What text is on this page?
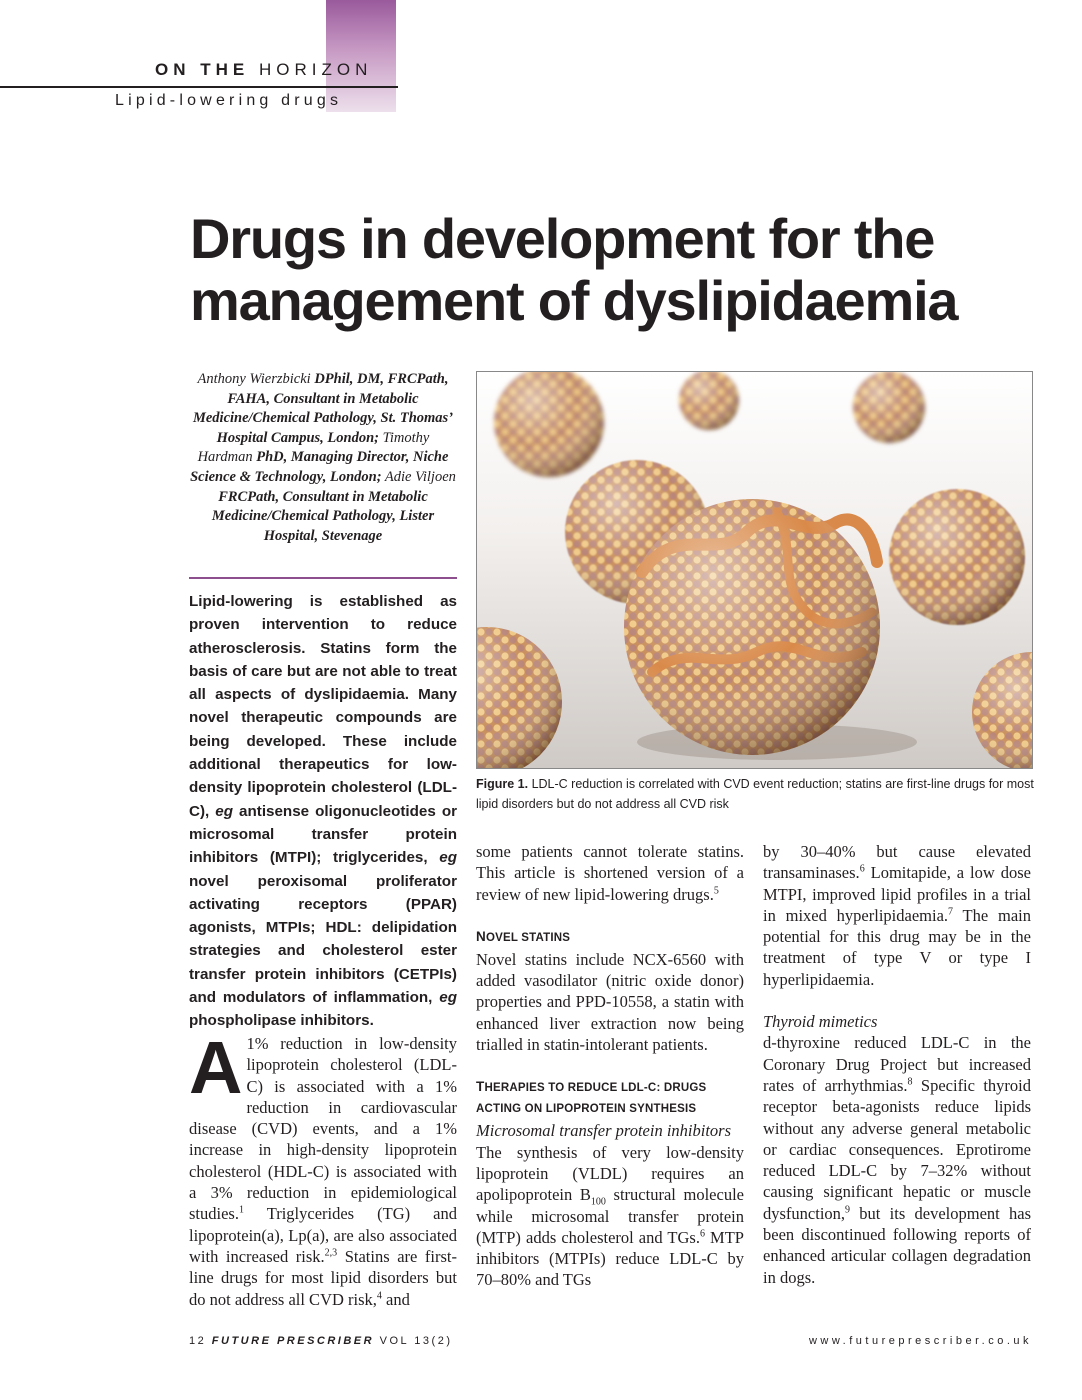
ON THE HORIZON
Lipid-lowering drugs
Drugs in development for the
management of dyslipidaemia
Anthony Wierzbicki DPhil, DM, FRCPath, FAHA, Consultant in Metabolic Medicine/Chemical Pathology, St. Thomas’ Hospital Campus, London; Timothy Hardman PhD, Managing Director, Niche Science & Technology, London; Adie Viljoen FRCPath, Consultant in Metabolic Medicine/Chemical Pathology, Lister Hospital, Stevenage
Lipid-lowering is established as proven intervention to reduce atherosclerosis. Statins form the basis of care but are not able to treat all aspects of dyslipidaemia. Many novel therapeutic compounds are being developed. These include additional therapeutics for low-density lipoprotein cholesterol (LDL-C), eg antisense oligonucleotides or microsomal transfer protein inhibitors (MTPI); triglycerides, eg novel peroxisomal proliferator activating receptors (PPAR) agonists, MTPIs; HDL: delipidation strategies and cholesterol ester transfer protein inhibitors (CETPIs) and modulators of inflammation, eg phospholipase inhibitors.
Figure 1. LDL-C reduction is correlated with CVD event reduction; statins are first-line drugs for most lipid disorders but do not address all CVD risk
A 1% reduction in low-density lipoprotein cholesterol (LDL-C) is associated with a 1% reduction in cardiovascular disease (CVD) events, and a 1% increase in high-density lipoprotein cholesterol (HDL-C) is associated with a 3% reduction in epidemiological studies.$^1$ Triglycerides (TG) and lipoprotein(a), Lp(a), are also associated with increased risk.$^{2,3}$ Statins are first-line drugs for most lipid disorders but do not address all CVD risk,$^4$ and
some patients cannot tolerate statins. This article is shortened version of a review of new lipid-lowering drugs.$^5$
NOVEL STATINS
Novel statins include NCX-6560 with added vasodilator (nitric oxide donor) properties and PPD-10558, a statin with enhanced liver extraction now being trialled in statin-intolerant patients.
THERAPIES TO REDUCE LDL-C: DRUGS ACTING ON LIPOPROTEIN SYNTHESIS
Microsomal transfer protein inhibitors
The synthesis of very low-density lipoprotein (VLDL) requires an apolipoprotein $B_{100}$ structural molecule while microsomal transfer protein (MTP) adds cholesterol and TGs.$^6$ MTP inhibitors (MTPIs) reduce LDL-C by 70–80% and TGs
by 30–40% but cause elevated transaminases.$^6$ Lomitapide, a low dose MTPI, improved lipid profiles in a trial in mixed hyperlipidaemia.$^7$ The main potential for this drug may be in the treatment of type V or type I hyperlipidaemia.
Thyroid mimetics
d-thyroxine reduced LDL-C in the Coronary Drug Project but increased rates of arrhythmias.$^8$ Specific thyroid receptor beta-agonists reduce lipids without any adverse general metabolic or cardiac consequences. Eprotirome reduced LDL-C by 7–32% without causing significant hepatic or muscle dysfunction,$^9$ but its development has been discontinued following reports of enhanced articular collagen degradation in dogs.
12 FUTURE PRESCRIBER VOL 13(2)	www.futureprescriber.co.uk
